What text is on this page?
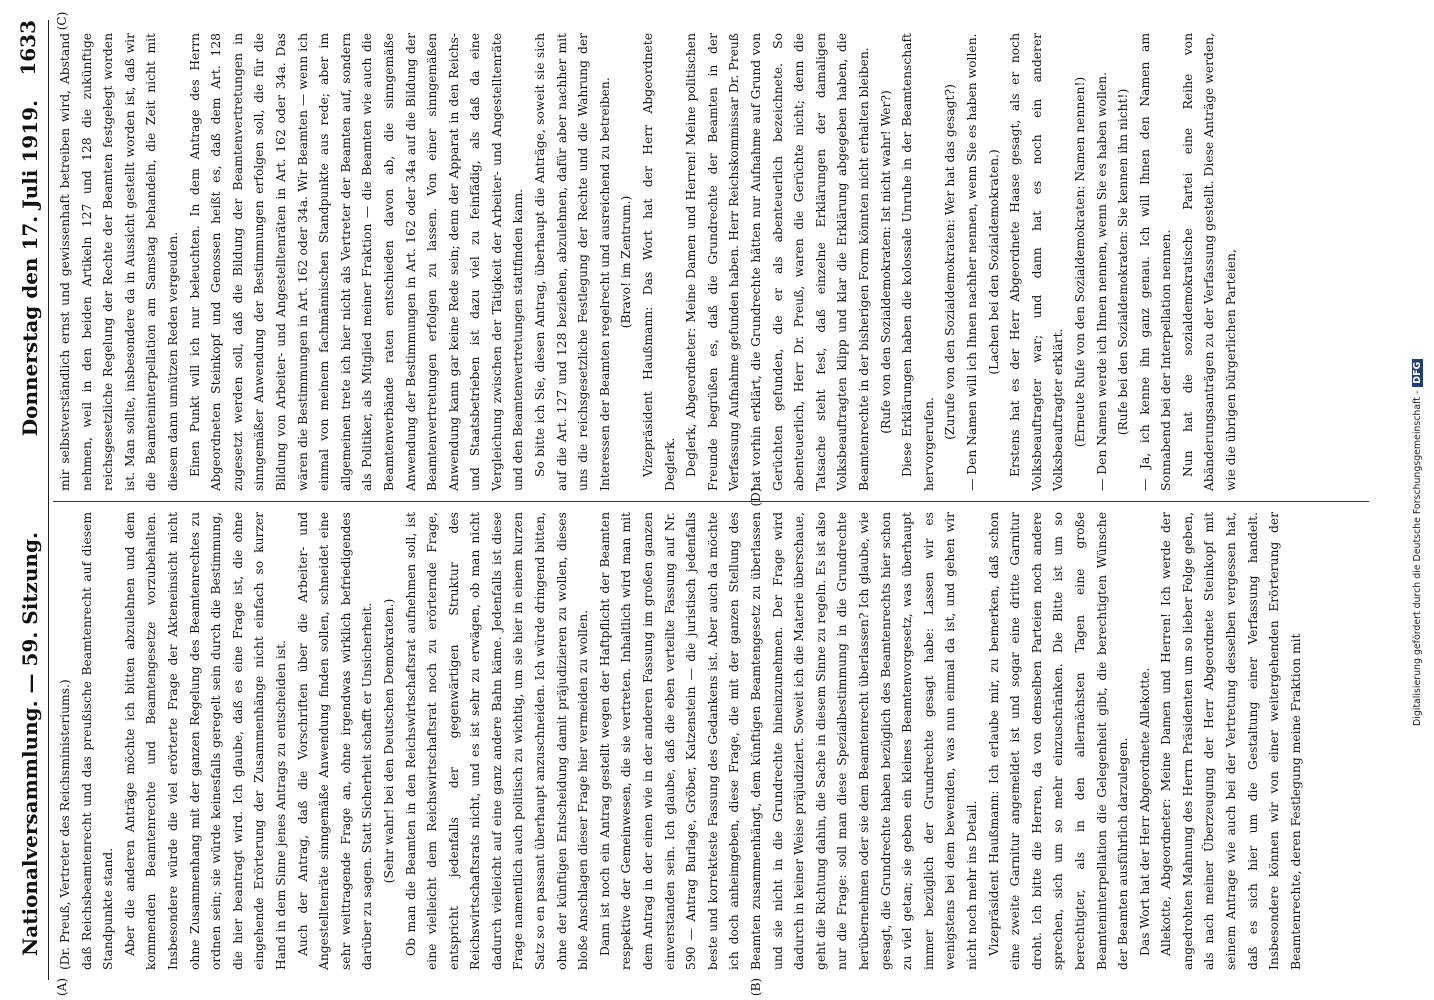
Nationalversammlung. — 59. Sitzung.
Donnerstag den 17. Juli 1919.
1633

(Dr. Preuß, Vertreter des Reichsministeriums.) daß Reichsbeamtenrecht und das preußische Beamtenrecht auf diesem Standpunkte stand. Aber die anderen Anträge möchte ich bitten abzulehnen und dem kommenden Beamtenrechte und Beamtengesetze vorzubehalten. Insbesondere würde die viel erörterte Frage der Akteneinsicht nicht ohne Zusammenhang mit der ganzen Regelung des Beamtenrechtes zu ordnen sein; sie würde keinesfalls geregelt sein durch die Bestimmung, die hier beantragt wird. Ich glaube, daß es eine Frage ist, die ohne eingehende Erörterung der Zusammenhänge nicht einfach so kurzer Hand in dem Sinne jenes Antrags zu entscheiden ist. Auch der Antrag, daß die Vorschriften über die Arbeiter- und Angestelltenräte sinngemäße Anwendung finden sollen, schneidet eine sehr weittragende Frage an, ohne irgendwas wirklich befriedigendes darüber zu sagen. Statt Sicherheit schafft er Unsicherheit. (Sehr wahr! bei den Deutschen Demokraten.) Ob man die Beamten in den Reichswirtschaftsrat aufnehmen soll, ist eine vielleicht dem Reichswirtschaftsrat noch zu erörternde Frage, entspricht jedenfalls der gegenwärtigen Struktur des Reichswirtschaftsrats nicht, und es ist sehr zu erwägen, ob man nicht dadurch vielleicht auf eine ganz andere Bahn käme. Jedenfalls ist diese Frage namentlich auch politisch zu wichtig, um sie hier in einem kurzen Satz so en passant überhaupt anzuschneiden. Ich würde dringend bitten, ohne der künftigen Entscheidung damit präjudizieren zu wollen, dieses bloße Anschlagen dieser Frage hier vermeiden zu wollen. Dann ist noch ein Antrag gestellt wegen der Haftpflicht der Beamten respektive der Gemeinwesen, die sie vertreten. Inhaltlich wird man mit dem Antrag in der einen wie in der anderen Fassung im großen ganzen einverstanden sein. Ich glaube, daß die eben verteilte Fassung auf Nr. 590 — Antrag Burlage, Gröber, Katzenstein — die juristisch jedenfalls beste und korrekteste Fassung des Gedankens ist. Aber auch da möchte ich doch anheimgeben, diese Frage, die mit der ganzen Stellung des Beamten zusammenhängt, dem künftigen Beamtengesetz zu überlassen und sie nicht in die Grundrechte hineinzunehmen. Der Frage wird dadurch in keiner Weise präjudiziert. Soweit ich die Materie überschaue, geht die Richtung dahin, die Sache in diesem Sinne zu regeln. Es ist also nur die Frage: soll man diese Spezialbestimmung in die Grundrechte herübernehmen oder sie dem Beamtenrecht überlassen? Ich glaube, wie gesagt, die Grundrechte haben bezüglich des Beamtenrechts hier schon zu viel getan; sie geben ein kleines Beamtenvorgesetz, was überhaupt immer bezüglich der Grundrechte gesagt habe: Lassen wir es wenigstens bei dem bewenden, was nun einmal da ist, und gehen wir nicht noch mehr ins Detail. Vizepräsident Haußmann: Ich erlaube mir, zu bemerken, daß schon eine zweite Garnitur angemeldet ist und sogar eine dritte Garnitur droht. Ich bitte die Herren, da von denselben Parteien noch andere sprechen, sich um so mehr einzuschränken. Die Bitte ist um so berechtigter, als in den allernächsten Tagen eine große Beamteninterpellation die Gelegenheit gibt, die berechtigten Wünsche der Beamten ausführlich darzulegen. Das Wort hat der Herr Abgeordnete Allekotte. Allekotte, Abgeordneter: Meine Damen und Herren! Ich werde der angedrohten Mahnung des Herrn Präsidenten um so lieber Folge geben, als nach meiner Überzeugung der Herr Abgeordnete Steinkopf mit seinem Antrage wie auch bei der Vertretung desselben vergessen hat, daß es sich hier um die Gestaltung einer Verfassung handelt. Insbesondere können wir von einer weitergehenden Erörterung der Beamtenrechte, deren Festlegung meine Fraktion mit

mir selbstverständlich ernst und gewissenhaft betreiben wird, Abstand nehmen, weil in den beiden Artikeln 127 und 128 die zukünftige reichsgesetzliche Regelung der Rechte der Beamten festgelegt worden ist. Man sollte, insbesondere da in Aussicht gestellt worden ist, daß wir die Beamteninterpellation am Samstag behandeln, die Zeit nicht mit diesem dann unnützen Reden vergeuden. Einen Punkt will ich nur beleuchten. In dem Antrage des Herrn Abgeordneten Steinkopf und Genossen heißt es, daß dem Art. 128 zugesetzt werden soll, daß die Bildung der Beamtenvertretungen in sinngemäßer Anwendung der Bestimmungen erfolgen soll, die für die Bildung von Arbeiter- und Angestelltenräten in Art. 162 oder 34a. Das wären die Bestimmungen in Art. 162 oder 34a. Wir Beamten — wenn ich einmal von meinem fachmännischen Standpunkte aus rede; aber im allgemeinen trete ich hier nicht als Vertreter der Beamten auf, sondern als Politiker, als Mitglied meiner Fraktion — die Beamten wie auch die Beamtenverbände raten entschieden davon ab, die sinngemäße Anwendung der Bestimmungen in Art. 162 oder 34a auf die Bildung der Beamtenvertretungen erfolgen zu lassen. Von einer sinngemäßen Anwendung kann gar keine Rede sein; denn der Apparat in den Reichs- und Staatsbetrieben ist dazu viel zu feinfädig, als daß da eine Vergleichung zwischen der Tätigkeit der Arbeiter- und Angestelltenräte und den Beamtenvertretungen stattfinden kann. So bitte ich Sie, diesen Antrag, überhaupt die Anträge, soweit sie sich auf die Art. 127 und 128 beziehen, abzulehnen, dafür aber nachher mit uns die reichsgesetzliche Festlegung der Rechte und die Wahrung der Interessen der Beamten regelrecht und ausreichend zu betreiben. (Bravo! im Zentrum.) Vizepräsident Haußmann: Das Wort hat der Herr Abgeordnete Deglerk. Deglerk, Abgeordneter: Meine Damen und Herren! Meine politischen Freunde begrüßen es, daß die Grundrechte der Beamten in der Verfassung Aufnahme gefunden haben. Herr Reichskommissar Dr. Preuß hat vorhin erklärt, die Grundrechte hätten nur Aufnahme auf Grund von Gerüchten gefunden, die er als abenteuerlich bezeichnete. So abenteuerlich, Herr Dr. Preuß, waren die Gerüchte nicht; denn die Tatsache steht fest, daß einzelne Erklärungen der damaligen Volksbeauftragten klipp und klar die Erklärung abgegeben haben, die Beamtenrechte in der bisherigen Form könnten nicht erhalten bleiben. (Rufe von den Sozialdemokraten: Ist nicht wahr! Wer?) Diese Erklärungen haben die kolossale Unruhe in der Beamtenschaft hervorgerufen.

(Zurufe von den Sozialdemokraten: Wer hat das gesagt?) — Den Namen will ich Ihnen nachher nennen, wenn Sie es haben wollen. (Lachen bei den Sozialdemokraten.) Erstens hat es der Herr Abgeordnete Haase gesagt, als er noch Volksbeauftragter war; und dann hat es noch ein anderer Volksbeauftragter erklärt. (Erneute Rufe von den Sozialdemokraten: Namen nennen!) — Den Namen werde ich Ihnen nennen, wenn Sie es haben wollen. (Rufe bei den Sozialdemokraten: Sie kennen ihn nicht!) — Ja, ich kenne ihn ganz genau. Ich will Ihnen den Namen am Sonnabend bei der Interpellation nennen. Nun hat die sozialdemokratische Partei eine Reihe von Abänderungsanträgen zu der Verfassung gestellt. Diese Anträge werden, wie die übrigen bürgerlichen Parteien,

(A)	(B)
(C)
(D)	Digitalisierung gefördert durch die Deutsche Forschungsgemeinschaft -DFG
